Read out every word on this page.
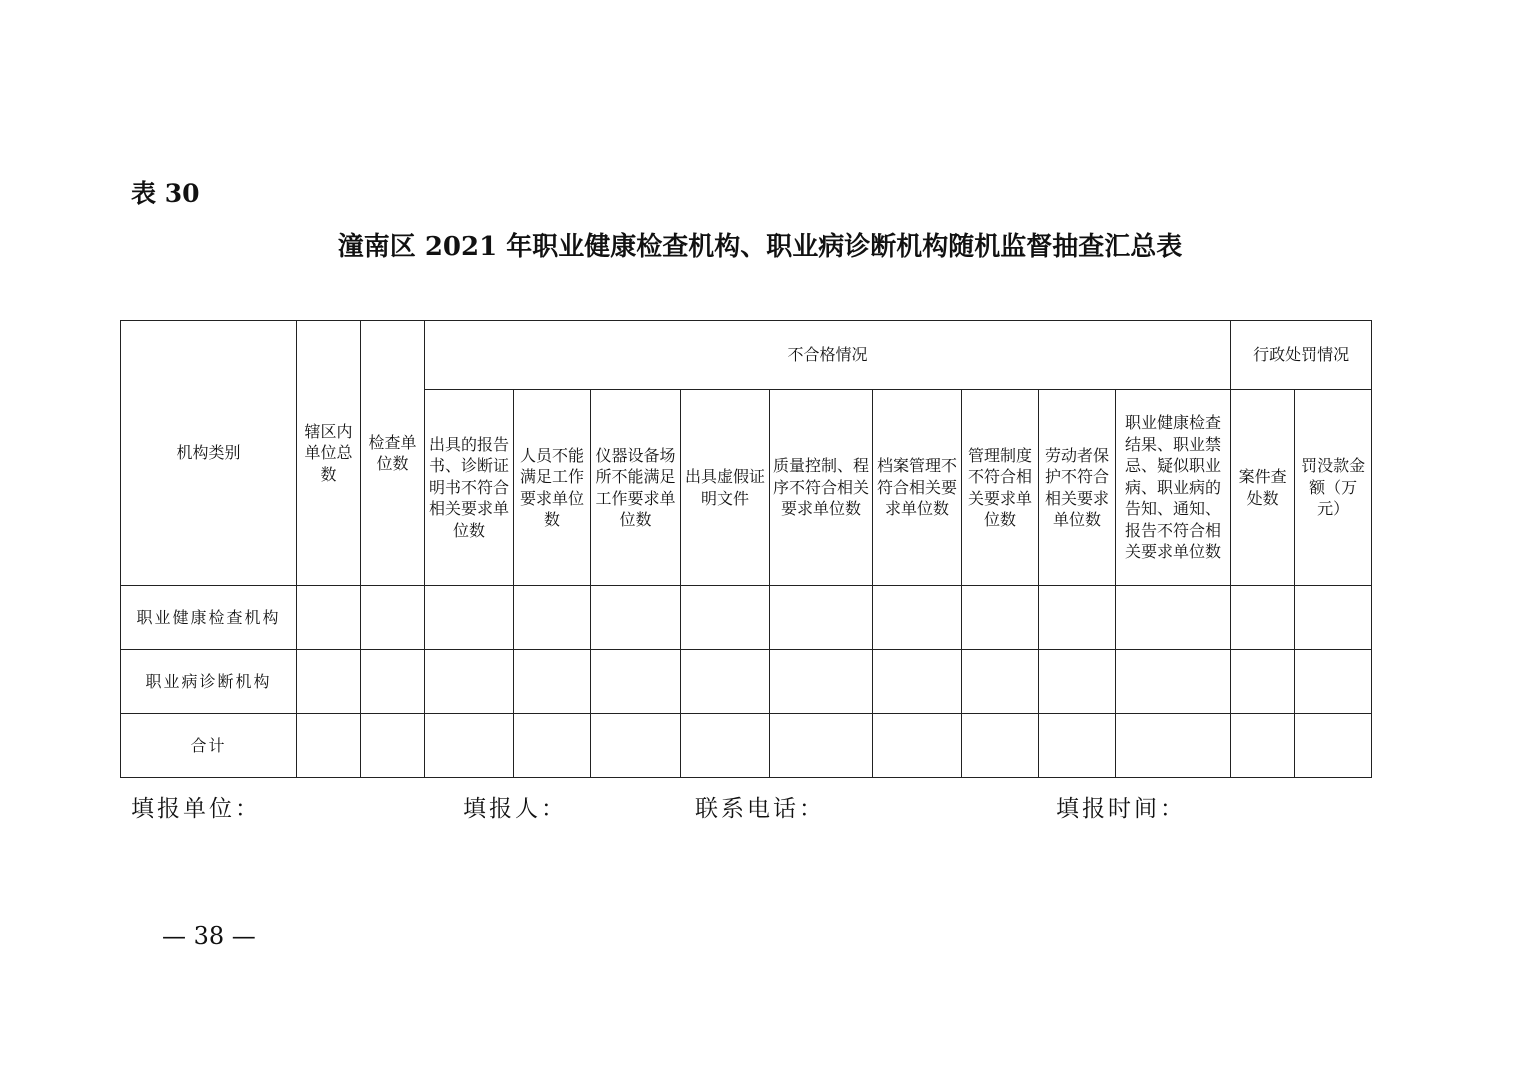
表 30
潼南区 2021 年职业健康检查机构、职业病诊断机构随机监督抽查汇总表
机构类别	辖区内单位总数	检查单位数	不合格情况									行政处罚情况	
			出具的报告书、诊断证明书不符合相关要求单位数	人员不能满足工作要求单位数	仪器设备场所不能满足工作要求单位数	出具虚假证明文件	质量控制、程序不符合相关要求单位数	档案管理不符合相关要求单位数	管理制度不符合相关要求单位数	劳动者保护不符合相关要求单位数	职业健康检查结果、职业禁忌、疑似职业病、职业病的告知、通知、报告不符合相关要求单位数	案件查处数	罚没款金额（万元）
职业健康检查机构													
职业病诊断机构													
合计													
填报单位：	填报人：	联系电话：	填报时间：
— 38 —
